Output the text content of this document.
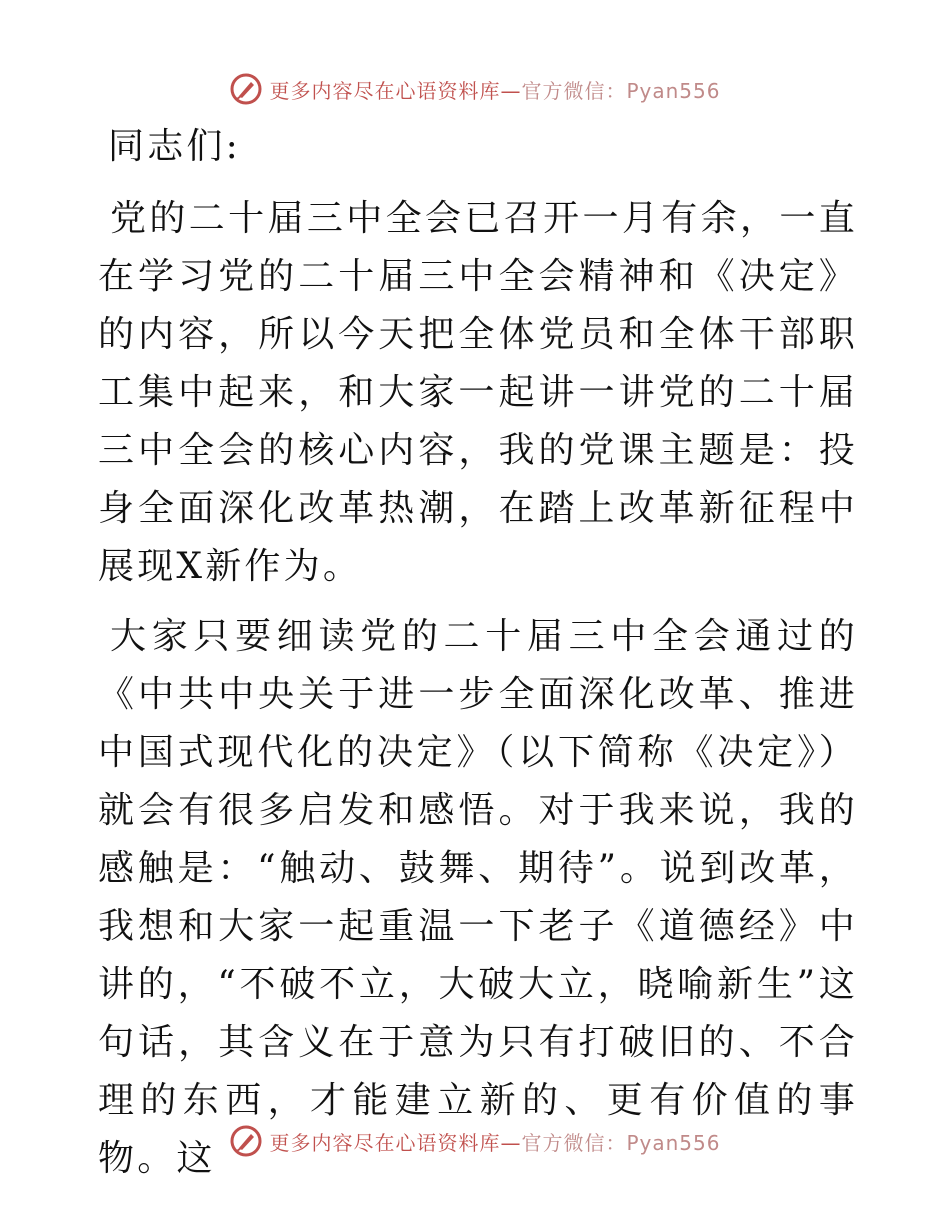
更多内容尽在心语资料库—官方微信：Pyan556

同志们:

党的二十届三中全会已召开一月有余，一直在学习党的二十届三中全会精神和《决定》的内容，所以今天把全体党员和全体干部职工集中起来，和大家一起讲一讲党的二十届三中全会的核心内容，我的党课主题是：投身全面深化改革热潮，在踏上改革新征程中展现X新作为。

大家只要细读党的二十届三中全会通过的《中共中央关于进一步全面深化改革、推进中国式现代化的决定》（以下简称《决定》）就会有很多启发和感悟。对于我来说，我的感触是：“触动、鼓舞、期待”。说到改革，我想和大家一起重温一下老子《道德经》中讲的，“不破不立，大破大立，晓喻新生”这句话，其含义在于意为只有打破旧的、不合理的东西，才能建立新的、更有价值的事物。这	更多内容尽在心语资料库—官方微信：Pyan556
